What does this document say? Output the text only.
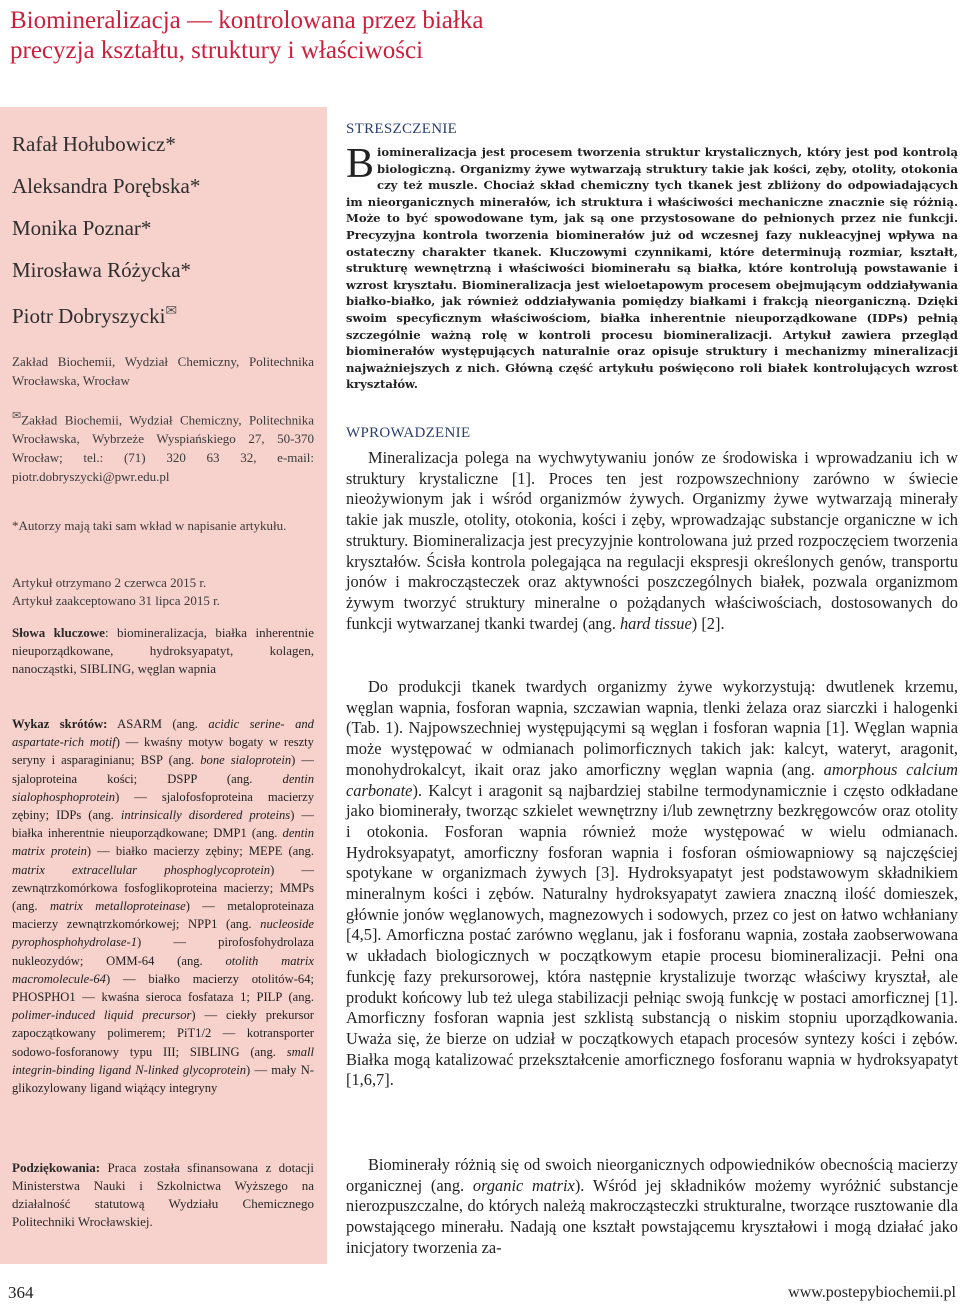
Biomineralizacja — kontrolowana przez białka
precyzja kształtu, struktury i właściwości
Rafał Hołubowicz*
Aleksandra Porębska*
Monika Poznar*
Mirosława Różycka*
Piotr Dobryszycki✉
Zakład Biochemii, Wydział Chemiczny, Politechnika Wrocławska, Wrocław
✉Zakład Biochemii, Wydział Chemiczny, Politechnika Wrocławska, Wybrzeże Wyspiańskiego 27, 50-370 Wrocław; tel.: (71) 320 63 32, e-mail: piotr.dobryszycki@pwr.edu.pl
*Autorzy mają taki sam wkład w napisanie artykułu.
Artykuł otrzymano 2 czerwca 2015 r.
Artykuł zaakceptowano 31 lipca 2015 r.
Słowa kluczowe: biomineralizacja, białka inherentnie nieuporządkowane, hydroksyapatyt, kolagen, nanocząstki, SIBLING, węglan wapnia
Wykaz skrótów: ASARM (ang. acidic serine- and aspartate-rich motif) — kwaśny motyw bogaty w reszty seryny i asparaginianu; BSP (ang. bone sialoprotein) — sjaloproteina kości; DSPP (ang. dentin sialophosphoprotein) — sjalofosfoproteina macierzy zębiny; IDPs (ang. intrinsically disordered proteins) — białka inherentnie nieuporządkowane; DMP1 (ang. dentin matrix protein) — białko macierzy zębiny; MEPE (ang. matrix extracellular phosphoglycoprotein) — zewnątrzkomórkowa fosfoglikoproteina macierzy; MMPs (ang. matrix metalloproteinase) — metaloproteinaza macierzy zewnątrzkomórkowej; NPP1 (ang. nucleoside pyrophosphohydrolase-1) — pirofosfohydrolaza nukleozydów; OMM-64 (ang. otolith matrix macromolecule-64) — białko macierzy otolitów-64; PHOSPHO1 — kwaśna sieroca fosfataza 1; PILP (ang. polimer-induced liquid precursor) — ciekły prekursor zapoczątkowany polimerem; PiT1/2 — kotransporter sodowo-fosforanowy typu III; SIBLING (ang. small integrin-binding ligand N-linked glycoprotein) — mały N-glikozylowany ligand wiążący integryny
Podziękowania: Praca została sfinansowana z dotacji Ministerstwa Nauki i Szkolnictwa Wyższego na działalność statutową Wydziału Chemicznego Politechniki Wrocławskiej.
STRESZCZENIE
Biomineralizacja jest procesem tworzenia struktur krystalicznych, który jest pod kontrolą biologiczną. Organizmy żywe wytwarzają struktury takie jak kości, zęby, otolity, otokonia czy też muszle. Chociaż skład chemiczny tych tkanek jest zbliżony do odpowiadających im nieorganicznych minerałów, ich struktura i właściwości mechaniczne znacznie się różnią. Może to być spowodowane tym, jak są one przystosowane do pełnionych przez nie funkcji. Precyzyjna kontrola tworzenia biominerałów już od wczesnej fazy nukleacyjnej wpływa na ostateczny charakter tkanek. Kluczowymi czynnikami, które determinują rozmiar, kształt, strukturę wewnętrzną i właściwości biominerału są białka, które kontrolują powstawanie i wzrost kryształu. Biomineralizacja jest wieloetapowym procesem obejmującym oddziaływania białko-białko, jak również oddziaływania pomiędzy białkami i frakcją nieorganiczną. Dzięki swoim specyficznym właściwościom, białka inherentnie nieuporządkowane (IDPs) pełnią szczególnie ważną rolę w kontroli procesu biomineralizacji. Artykuł zawiera przegląd biominerałów występujących naturalnie oraz opisuje struktury i mechanizmy mineralizacji najważniejszych z nich. Główną część artykułu poświęcono roli białek kontrolujących wzrost kryształów.
WPROWADZENIE

Mineralizacja polega na wychwytywaniu jonów ze środowiska i wprowadzaniu ich w struktury krystaliczne [1]. Proces ten jest rozpowszechniony zarówno w świecie nieożywionym jak i wśród organizmów żywych. Organizmy żywe wytwarzają minerały takie jak muszle, otolity, otokonia, kości i zęby, wprowadzając substancje organiczne w ich struktury. Biomineralizacja jest precyzyjnie kontrolowana już przed rozpoczęciem tworzenia kryształów. Ścisła kontrola polegająca na regulacji ekspresji określonych genów, transportu jonów i makrocząsteczek oraz aktywności poszczególnych białek, pozwala organizmom żywym tworzyć struktury mineralne o pożądanych właściwościach, dostosowanych do funkcji wytwarzanej tkanki twardej (ang. hard tissue) [2].

Do produkcji tkanek twardych organizmy żywe wykorzystują: dwutlenek krzemu, węglan wapnia, fosforan wapnia, szczawian wapnia, tlenki żelaza oraz siarczki i halogenki (Tab. 1). Najpowszechniej występującymi są węglan i fosforan wapnia [1]. Węglan wapnia może występować w odmianach polimorficznych takich jak: kalcyt, wateryt, aragonit, monohydrokalcyt, ikait oraz jako amorficzny węglan wapnia (ang. amorphous calcium carbonate). Kalcyt i aragonit są najbardziej stabilne termodynamicznie i często odkładane jako biominerały, tworząc szkielet wewnętrzny i/lub zewnętrzny bezkręgowców oraz otolity i otokonia. Fosforan wapnia również może występować w wielu odmianach. Hydroksyapatyt, amorficzny fosforan wapnia i fosforan ośmiowapniowy są najczęściej spotykane w organizmach żywych [3]. Hydroksyapatyt jest podstawowym składnikiem mineralnym kości i zębów. Naturalny hydroksyapatyt zawiera znaczną ilość domieszek, głównie jonów węglanowych, magnezowych i sodowych, przez co jest on łatwo wchłaniany [4,5]. Amorficzna postać zarówno węglanu, jak i fosforanu wapnia, została zaobserwowana w układach biologicznych w początkowym etapie procesu biomineralizacji. Pełni ona funkcję fazy prekursorowej, która następnie krystalizuje tworząc właściwy kryształ, ale produkt końcowy lub też ulega stabilizacji pełniąc swoją funkcję w postaci amorficznej [1]. Amorficzny fosforan wapnia jest szklistą substancją o niskim stopniu uporządkowania. Uważa się, że bierze on udział w początkowych etapach procesów syntezy kości i zębów. Białka mogą katalizować przekształcenie amorficznego fosforanu wapnia w hydroksyapatyt [1,6,7].

Biominerały różnią się od swoich nieorganicznych odpowiedników obecnością macierzy organicznej (ang. organic matrix). Wśród jej składników możemy wyróżnić substancje nierozpuszczalne, do których należą makrocząsteczki strukturalne, tworzące rusztowanie dla powstającego minerału. Nadają one kształt powstającemu kryształowi i mogą działać jako inicjatory tworzenia za-

364	www.postepybiochemii.pl
